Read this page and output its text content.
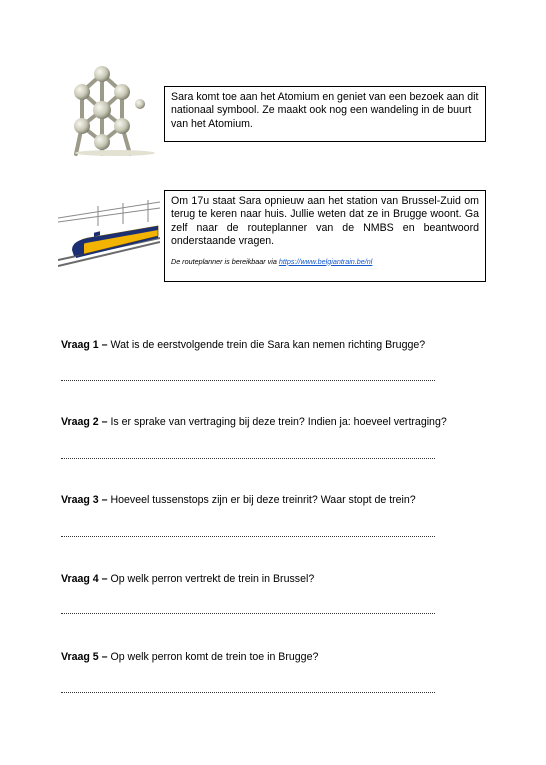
Sara komt toe aan het Atomium en geniet van een bezoek aan dit nationaal symbool. Ze maakt ook nog een wandeling in de buurt van het Atomium.
Om 17u staat Sara opnieuw aan het station van Brussel-Zuid om terug te keren naar huis. Jullie weten dat ze in Brugge woont. Ga zelf naar de routeplanner van de NMBS en beantwoord onderstaande vragen.
De routeplanner is bereikbaar via https://www.belgiantrain.be/nl
Vraag 1 – Wat is de eerstvolgende trein die Sara kan nemen richting Brugge?
Vraag 2 – Is er sprake van vertraging bij deze trein? Indien ja: hoeveel vertraging?
Vraag 3 – Hoeveel tussenstops zijn er bij deze treinrit? Waar stopt de trein?
Vraag 4 – Op welk perron vertrekt de trein in Brussel?
Vraag 5 – Op welk perron komt de trein toe in Brugge?
